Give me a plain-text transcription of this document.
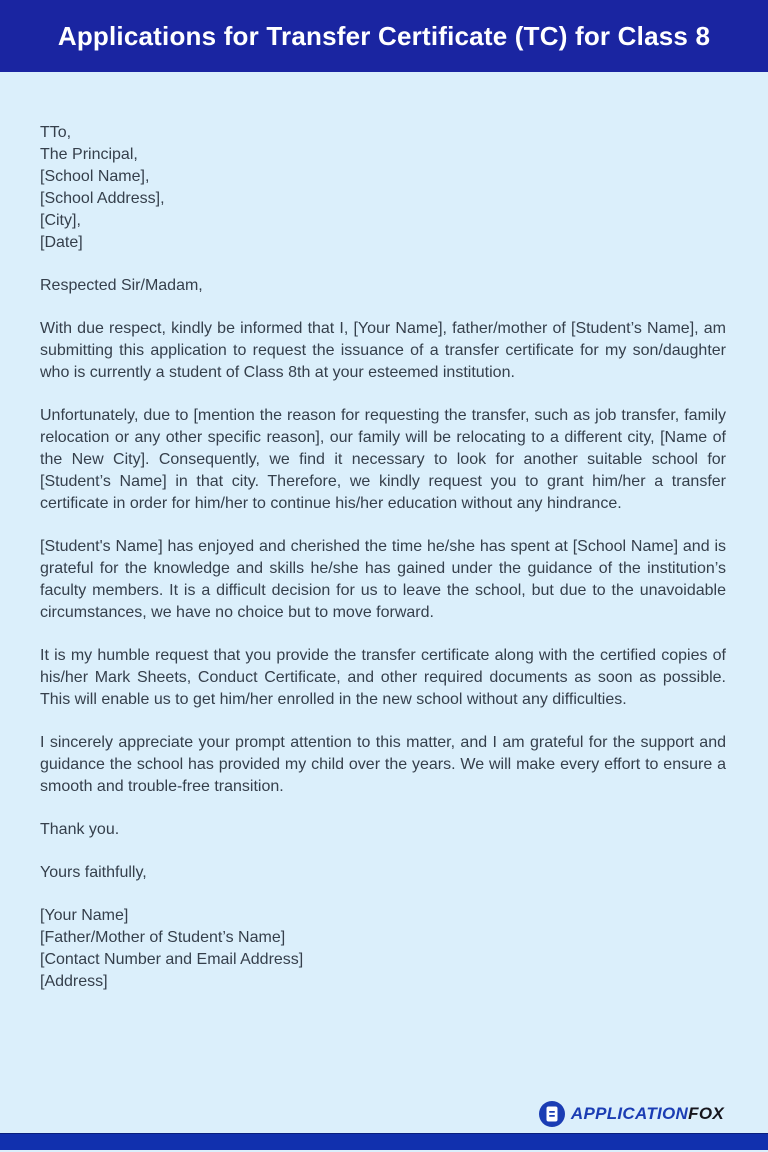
Applications for Transfer Certificate (TC) for Class 8
TTo,
The Principal,
[School Name],
[School Address],
[City],
[Date]

Respected Sir/Madam,

With due respect, kindly be informed that I, [Your Name], father/mother of [Student’s Name], am submitting this application to request the issuance of a transfer certificate for my son/daughter who is currently a student of Class 8th at your esteemed institution.

Unfortunately, due to [mention the reason for requesting the transfer, such as job transfer, family relocation or any other specific reason], our family will be relocating to a different city, [Name of the New City]. Consequently, we find it necessary to look for another suitable school for [Student’s Name] in that city. Therefore, we kindly request you to grant him/her a transfer certificate in order for him/her to continue his/her education without any hindrance.

[Student's Name] has enjoyed and cherished the time he/she has spent at [School Name] and is grateful for the knowledge and skills he/she has gained under the guidance of the institution’s faculty members. It is a difficult decision for us to leave the school, but due to the unavoidable circumstances, we have no choice but to move forward.

It is my humble request that you provide the transfer certificate along with the certified copies of his/her Mark Sheets, Conduct Certificate, and other required documents as soon as possible. This will enable us to get him/her enrolled in the new school without any difficulties.

I sincerely appreciate your prompt attention to this matter, and I am grateful for the support and guidance the school has provided my child over the years. We will make every effort to ensure a smooth and trouble-free transition.

Thank you.

Yours faithfully,

[Your Name]
[Father/Mother of Student’s Name]
[Contact Number and Email Address]
[Address]
APPLICATIONFOX
